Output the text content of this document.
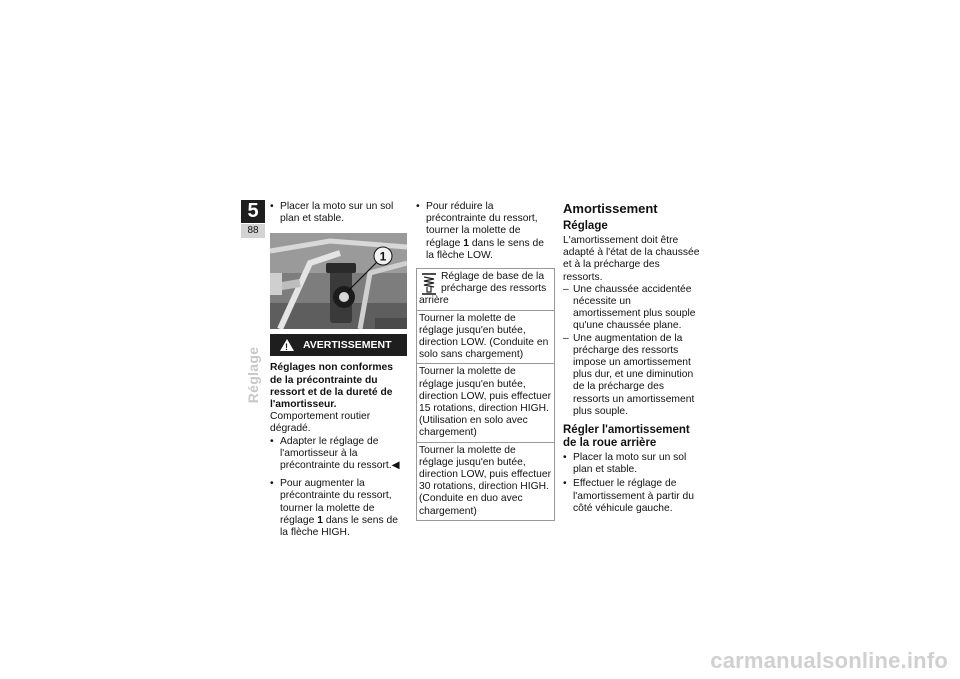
5
88
Réglage
• Placer la moto sur un sol plan et stable.
1
!
AVERTISSEMENT
Réglages non conformes de la précontrainte du ressort et de la dureté de l'amortisseur.
Comportement routier dégradé.
• Adapter le réglage de l'amortisseur à la précontrainte du ressort.◀
• Pour augmenter la précontrainte du ressort, tourner la molette de réglage 1 dans le sens de la flèche HIGH.
• Pour réduire la précontrainte du ressort, tourner la molette de réglage 1 dans le sens de la flèche LOW.
Réglage de base de la précharge des ressorts arrière
Tourner la molette de réglage jusqu'en butée, direction LOW. (Conduite en solo sans chargement)
Tourner la molette de réglage jusqu'en butée, direction LOW, puis effectuer 15 rotations, direction HIGH. (Utilisation en solo avec chargement)
Tourner la molette de réglage jusqu'en butée, direction LOW, puis effectuer 30 rotations, direction HIGH. (Conduite en duo avec chargement)
Amortissement
Réglage
L'amortissement doit être adapté à l'état de la chaussée et à la précharge des ressorts.
– Une chaussée accidentée nécessite un amortissement plus souple qu'une chaussée plane.
– Une augmentation de la précharge des ressorts impose un amortissement plus dur, et une diminution de la précharge des ressorts un amortissement plus souple.
Régler l'amortissement de la roue arrière
• Placer la moto sur un sol plan et stable.
• Effectuer le réglage de l'amortissement à partir du côté véhicule gauche.
carmanualsonline.info
